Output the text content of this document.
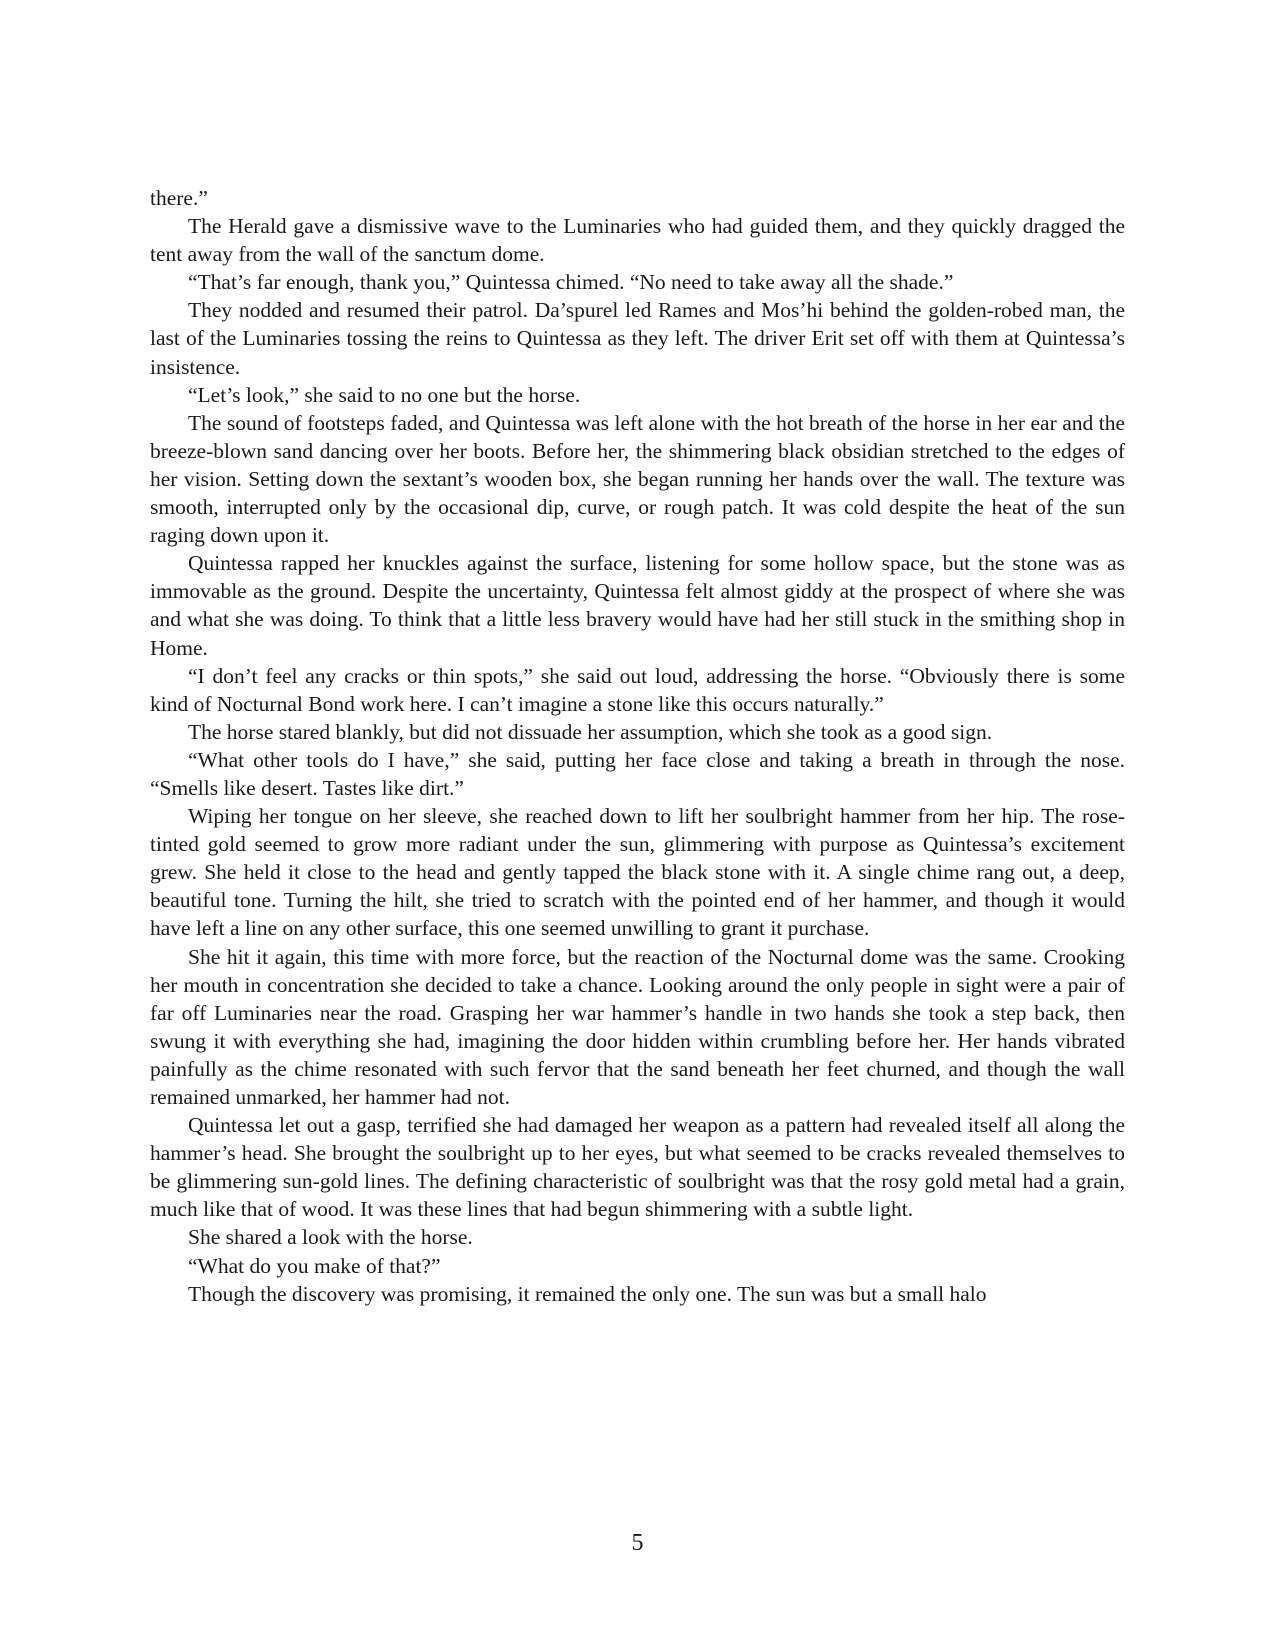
there.”

The Herald gave a dismissive wave to the Luminaries who had guided them, and they quickly dragged the tent away from the wall of the sanctum dome.

“That’s far enough, thank you,” Quintessa chimed. “No need to take away all the shade.”

They nodded and resumed their patrol. Da’spurel led Rames and Mos’hi behind the golden-robed man, the last of the Luminaries tossing the reins to Quintessa as they left. The driver Erit set off with them at Quintessa’s insistence.

“Let’s look,” she said to no one but the horse.

The sound of footsteps faded, and Quintessa was left alone with the hot breath of the horse in her ear and the breeze-blown sand dancing over her boots. Before her, the shimmering black obsidian stretched to the edges of her vision. Setting down the sextant’s wooden box, she began running her hands over the wall. The texture was smooth, interrupted only by the occasional dip, curve, or rough patch. It was cold despite the heat of the sun raging down upon it.

Quintessa rapped her knuckles against the surface, listening for some hollow space, but the stone was as immovable as the ground. Despite the uncertainty, Quintessa felt almost giddy at the prospect of where she was and what she was doing. To think that a little less bravery would have had her still stuck in the smithing shop in Home.

“I don’t feel any cracks or thin spots,” she said out loud, addressing the horse. “Obviously there is some kind of Nocturnal Bond work here. I can’t imagine a stone like this occurs naturally.”

The horse stared blankly, but did not dissuade her assumption, which she took as a good sign.

“What other tools do I have,” she said, putting her face close and taking a breath in through the nose. “Smells like desert. Tastes like dirt.”

Wiping her tongue on her sleeve, she reached down to lift her soulbright hammer from her hip. The rose-tinted gold seemed to grow more radiant under the sun, glimmering with purpose as Quintessa’s excitement grew. She held it close to the head and gently tapped the black stone with it. A single chime rang out, a deep, beautiful tone. Turning the hilt, she tried to scratch with the pointed end of her hammer, and though it would have left a line on any other surface, this one seemed unwilling to grant it purchase.

She hit it again, this time with more force, but the reaction of the Nocturnal dome was the same. Crooking her mouth in concentration she decided to take a chance. Looking around the only people in sight were a pair of far off Luminaries near the road. Grasping her war hammer’s handle in two hands she took a step back, then swung it with everything she had, imagining the door hidden within crumbling before her. Her hands vibrated painfully as the chime resonated with such fervor that the sand beneath her feet churned, and though the wall remained unmarked, her hammer had not.

Quintessa let out a gasp, terrified she had damaged her weapon as a pattern had revealed itself all along the hammer’s head. She brought the soulbright up to her eyes, but what seemed to be cracks revealed themselves to be glimmering sun-gold lines. The defining characteristic of soulbright was that the rosy gold metal had a grain, much like that of wood. It was these lines that had begun shimmering with a subtle light.

She shared a look with the horse.

“What do you make of that?”

Though the discovery was promising, it remained the only one. The sun was but a small halo

5
